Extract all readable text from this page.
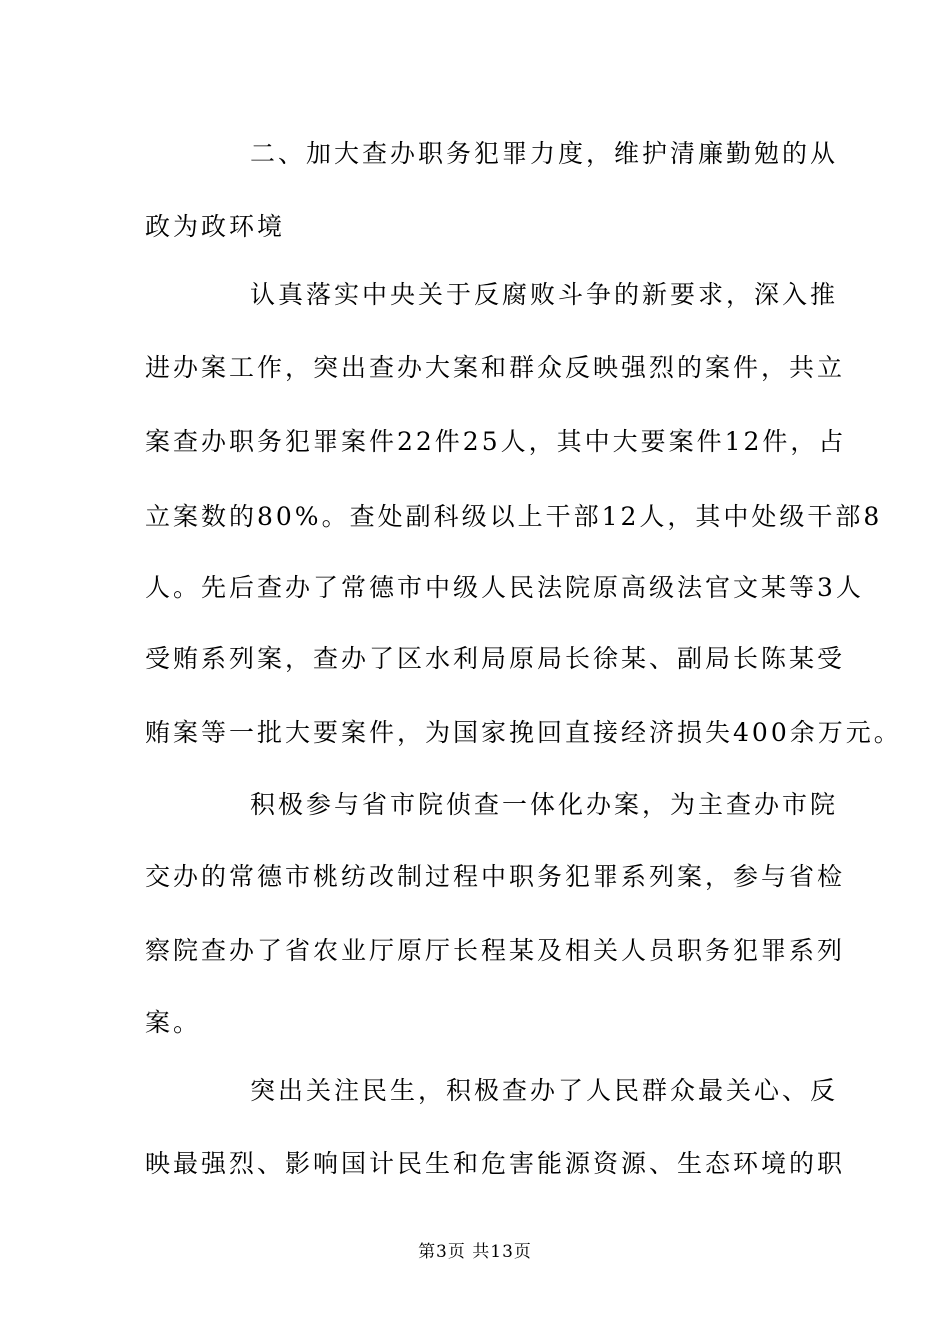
二、加大查办职务犯罪力度，维护清廉勤勉的从
政为政环境
认真落实中央关于反腐败斗争的新要求，深入推
进办案工作，突出查办大案和群众反映强烈的案件，共立
案查办职务犯罪案件22件25人，其中大要案件12件，占
立案数的80%。查处副科级以上干部12人，其中处级干部8
人。先后查办了常德市中级人民法院原高级法官文某等3人
受贿系列案，查办了区水利局原局长徐某、副局长陈某受
贿案等一批大要案件，为国家挽回直接经济损失400余万元。
积极参与省市院侦查一体化办案，为主查办市院
交办的常德市桃纺改制过程中职务犯罪系列案，参与省检
察院查办了省农业厅原厅长程某及相关人员职务犯罪系列
案。
突出关注民生，积极查办了人民群众最关心、反
映最强烈、影响国计民生和危害能源资源、生态环境的职
第3页 共13页
